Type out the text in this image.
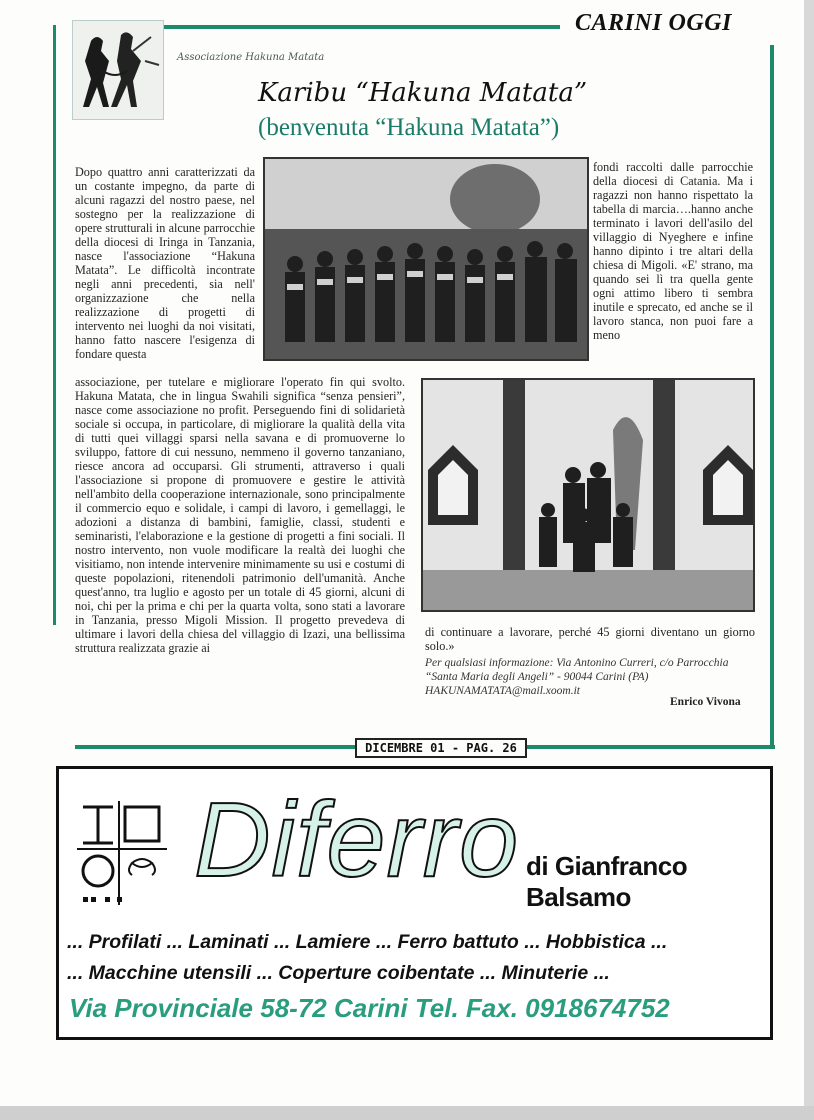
CARINI OGGI
Associazione Hakuna Matata
Karibu “Hakuna Matata”
(benvenuta “Hakuna Matata”)

Dopo quattro anni caratterizzati da un costante impegno, da parte di alcuni ragazzi del nostro paese, nel sostegno per la realizzazione di opere strutturali in alcune parrocchie della diocesi di Iringa in Tanzania, nasce l'associazione “Hakuna Matata”. Le difficoltà incontrate negli anni precedenti, sia nell' organizzazione che nella realizzazione di progetti di intervento nei luoghi da noi visitati, hanno fatto nascere l'esigenza di fondare questa

fondi raccolti dalle parrocchie della diocesi di Catania. Ma i ragazzi non hanno rispettato la tabella di marcia….hanno anche terminato i lavori dell'asilo del villaggio di Nyeghere e infine hanno dipinto i tre altari della chiesa di Migoli. «E' strano, ma quando sei lì tra quella gente ogni attimo libero ti sembra inutile e sprecato, ed anche se il lavoro stanca, non puoi fare a meno

associazione, per tutelare e migliorare l'operato fin qui svolto. Hakuna Matata, che in lingua Swahili significa “senza pensieri”, nasce come associazione no profit. Perseguendo fini di solidarietà sociale si occupa, in particolare, di migliorare la qualità della vita di tutti quei villaggi sparsi nella savana e di promuoverne lo sviluppo, fattore di cui nessuno, nemmeno il governo tanzaniano, riesce ancora ad occuparsi. Gli strumenti, attraverso i quali l'associazione si propone di promuovere e gestire le attività nell'ambito della cooperazione internazionale, sono principalmente il commercio equo e solidale, i campi di lavoro, i gemellaggi, le adozioni a distanza di bambini, famiglie, classi, studenti e seminaristi, l'elaborazione e la gestione di progetti a fini sociali. Il nostro intervento, non vuole modificare la realtà dei luoghi che visitiamo, non intende intervenire minimamente su usi e costumi di queste popolazioni, ritenendoli patrimonio dell'umanità. Anche quest'anno, tra luglio e agosto per un totale di 45 giorni, alcuni di noi, chi per la prima e chi per la quarta volta, sono stati a lavorare in Tanzania, presso Migoli Mission. Il progetto prevedeva di ultimare i lavori della chiesa del villaggio di Izazi, una bellissima struttura realizzata grazie ai

di continuare a lavorare, perché 45 giorni diventano un giorno solo.»

Per qualsiasi informazione: Via Antonino Curreri, c/o Parrocchia “Santa Maria degli Angeli” - 90044 Carini (PA) HAKUNAMATATA@mail.xoom.it

Enrico Vivona
DICEMBRE 01 - PAG. 26
Diferro di Gianfranco Balsamo
... Profilati ... Laminati ... Lamiere ... Ferro battuto ... Hobbistica ...
... Macchine utensili ... Coperture coibentate ... Minuterie ...
Via Provinciale 58-72 Carini Tel. Fax. 0918674752
